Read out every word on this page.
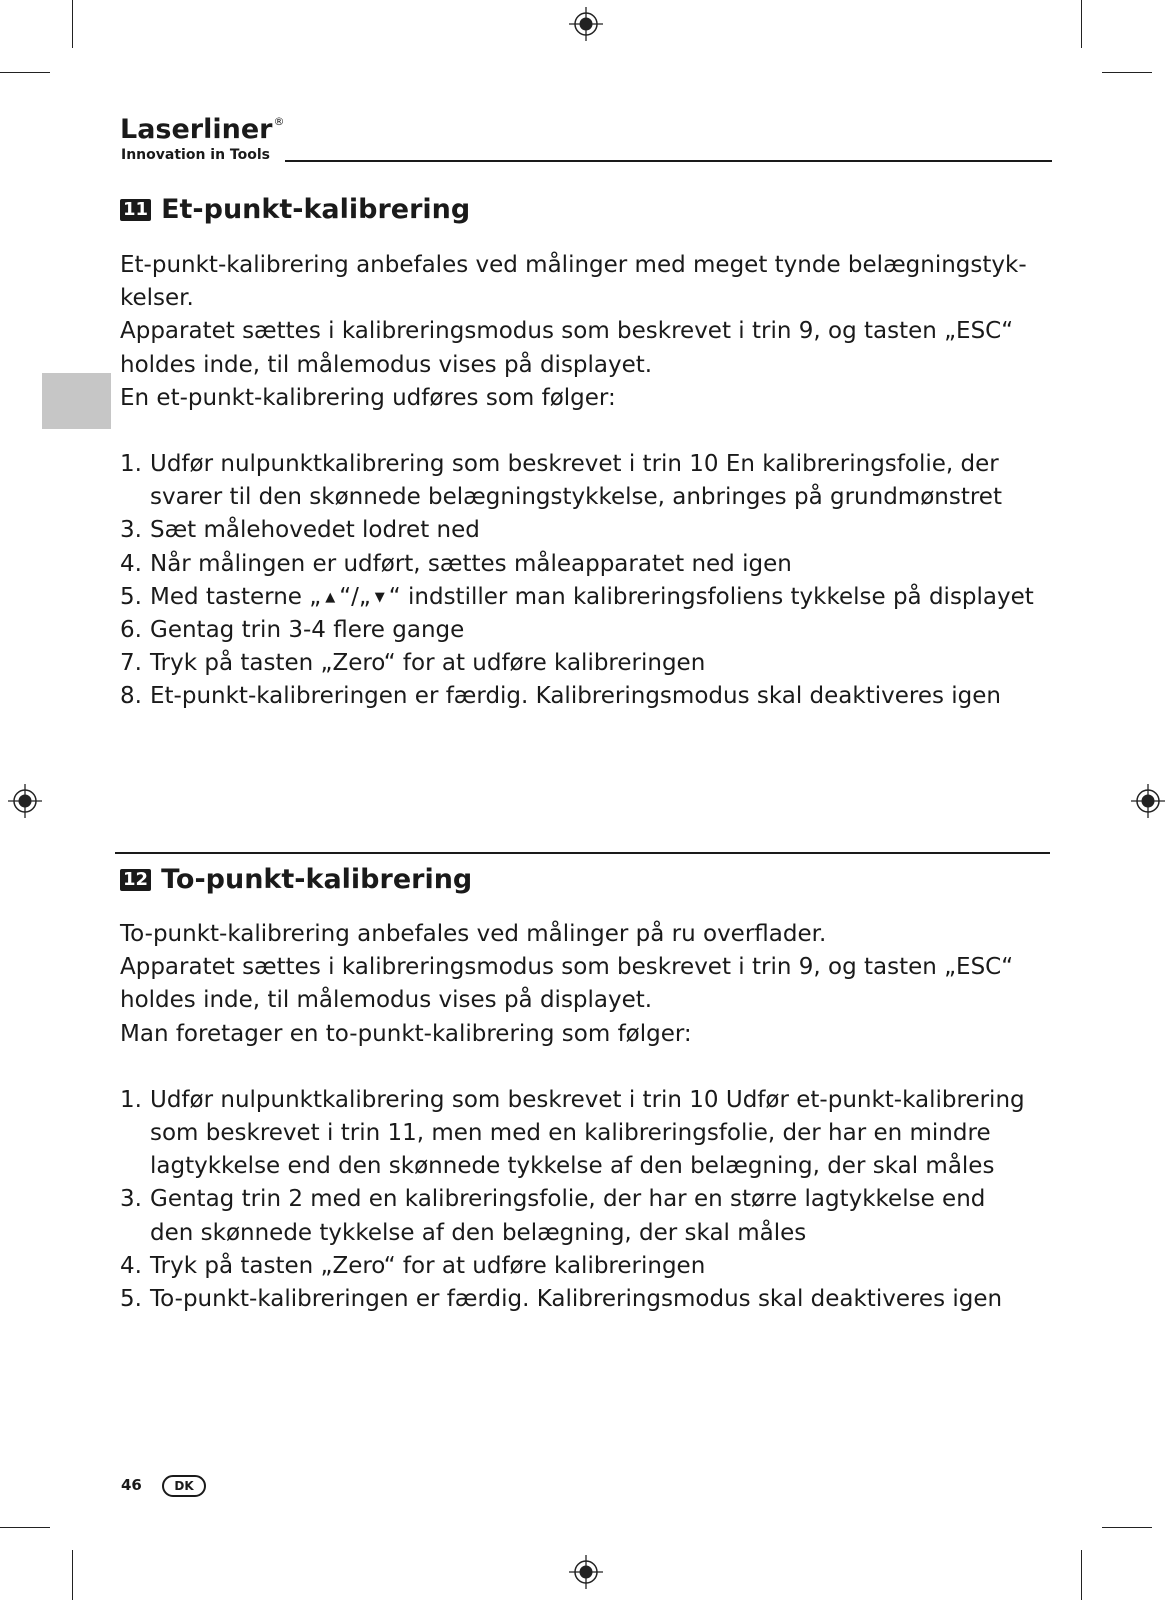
Laserliner®
Innovation in Tools
11 Et-punkt-kalibrering

Et-punkt-kalibrering anbefales ved målinger med meget tynde belægningstyk-

kelser.

Apparatet sættes i kalibreringsmodus som beskrevet i trin 9, og tasten „ESC“

holdes inde, til målemodus vises på displayet.

En et-punkt-kalibrering udføres som følger:

1. Udfør nulpunktkalibrering som beskrevet i trin 10 En kalibreringsfolie, der
svarer til den skønnede belægningstykkelse, anbringes på grundmønstret
3. Sæt målehovedet lodret ned
4. Når målingen er udført, sættes måleapparatet ned igen
5. Med tasterne „ ▲ “/„ ▼ “ indstiller man kalibreringsfoliens tykkelse på displayet
6. Gentag trin 3-4 flere gange
7. Tryk på tasten „Zero“ for at udføre kalibreringen
8. Et-punkt-kalibreringen er færdig. Kalibreringsmodus skal deaktiveres igen
12 To-punkt-kalibrering

To-punkt-kalibrering anbefales ved målinger på ru overflader.

Apparatet sættes i kalibreringsmodus som beskrevet i trin 9, og tasten „ESC“

holdes inde, til målemodus vises på displayet.

Man foretager en to-punkt-kalibrering som følger:

1. Udfør nulpunktkalibrering som beskrevet i trin 10 Udfør et-punkt-kalibrering
som beskrevet i trin 11, men med en kalibreringsfolie, der har en mindre
lagtykkelse end den skønnede tykkelse af den belægning, der skal måles
3. Gentag trin 2 med en kalibreringsfolie, der har en større lagtykkelse end
den skønnede tykkelse af den belægning, der skal måles
4. Tryk på tasten „Zero“ for at udføre kalibreringen
5. To-punkt-kalibreringen er færdig. Kalibreringsmodus skal deaktiveres igen
46	DK
